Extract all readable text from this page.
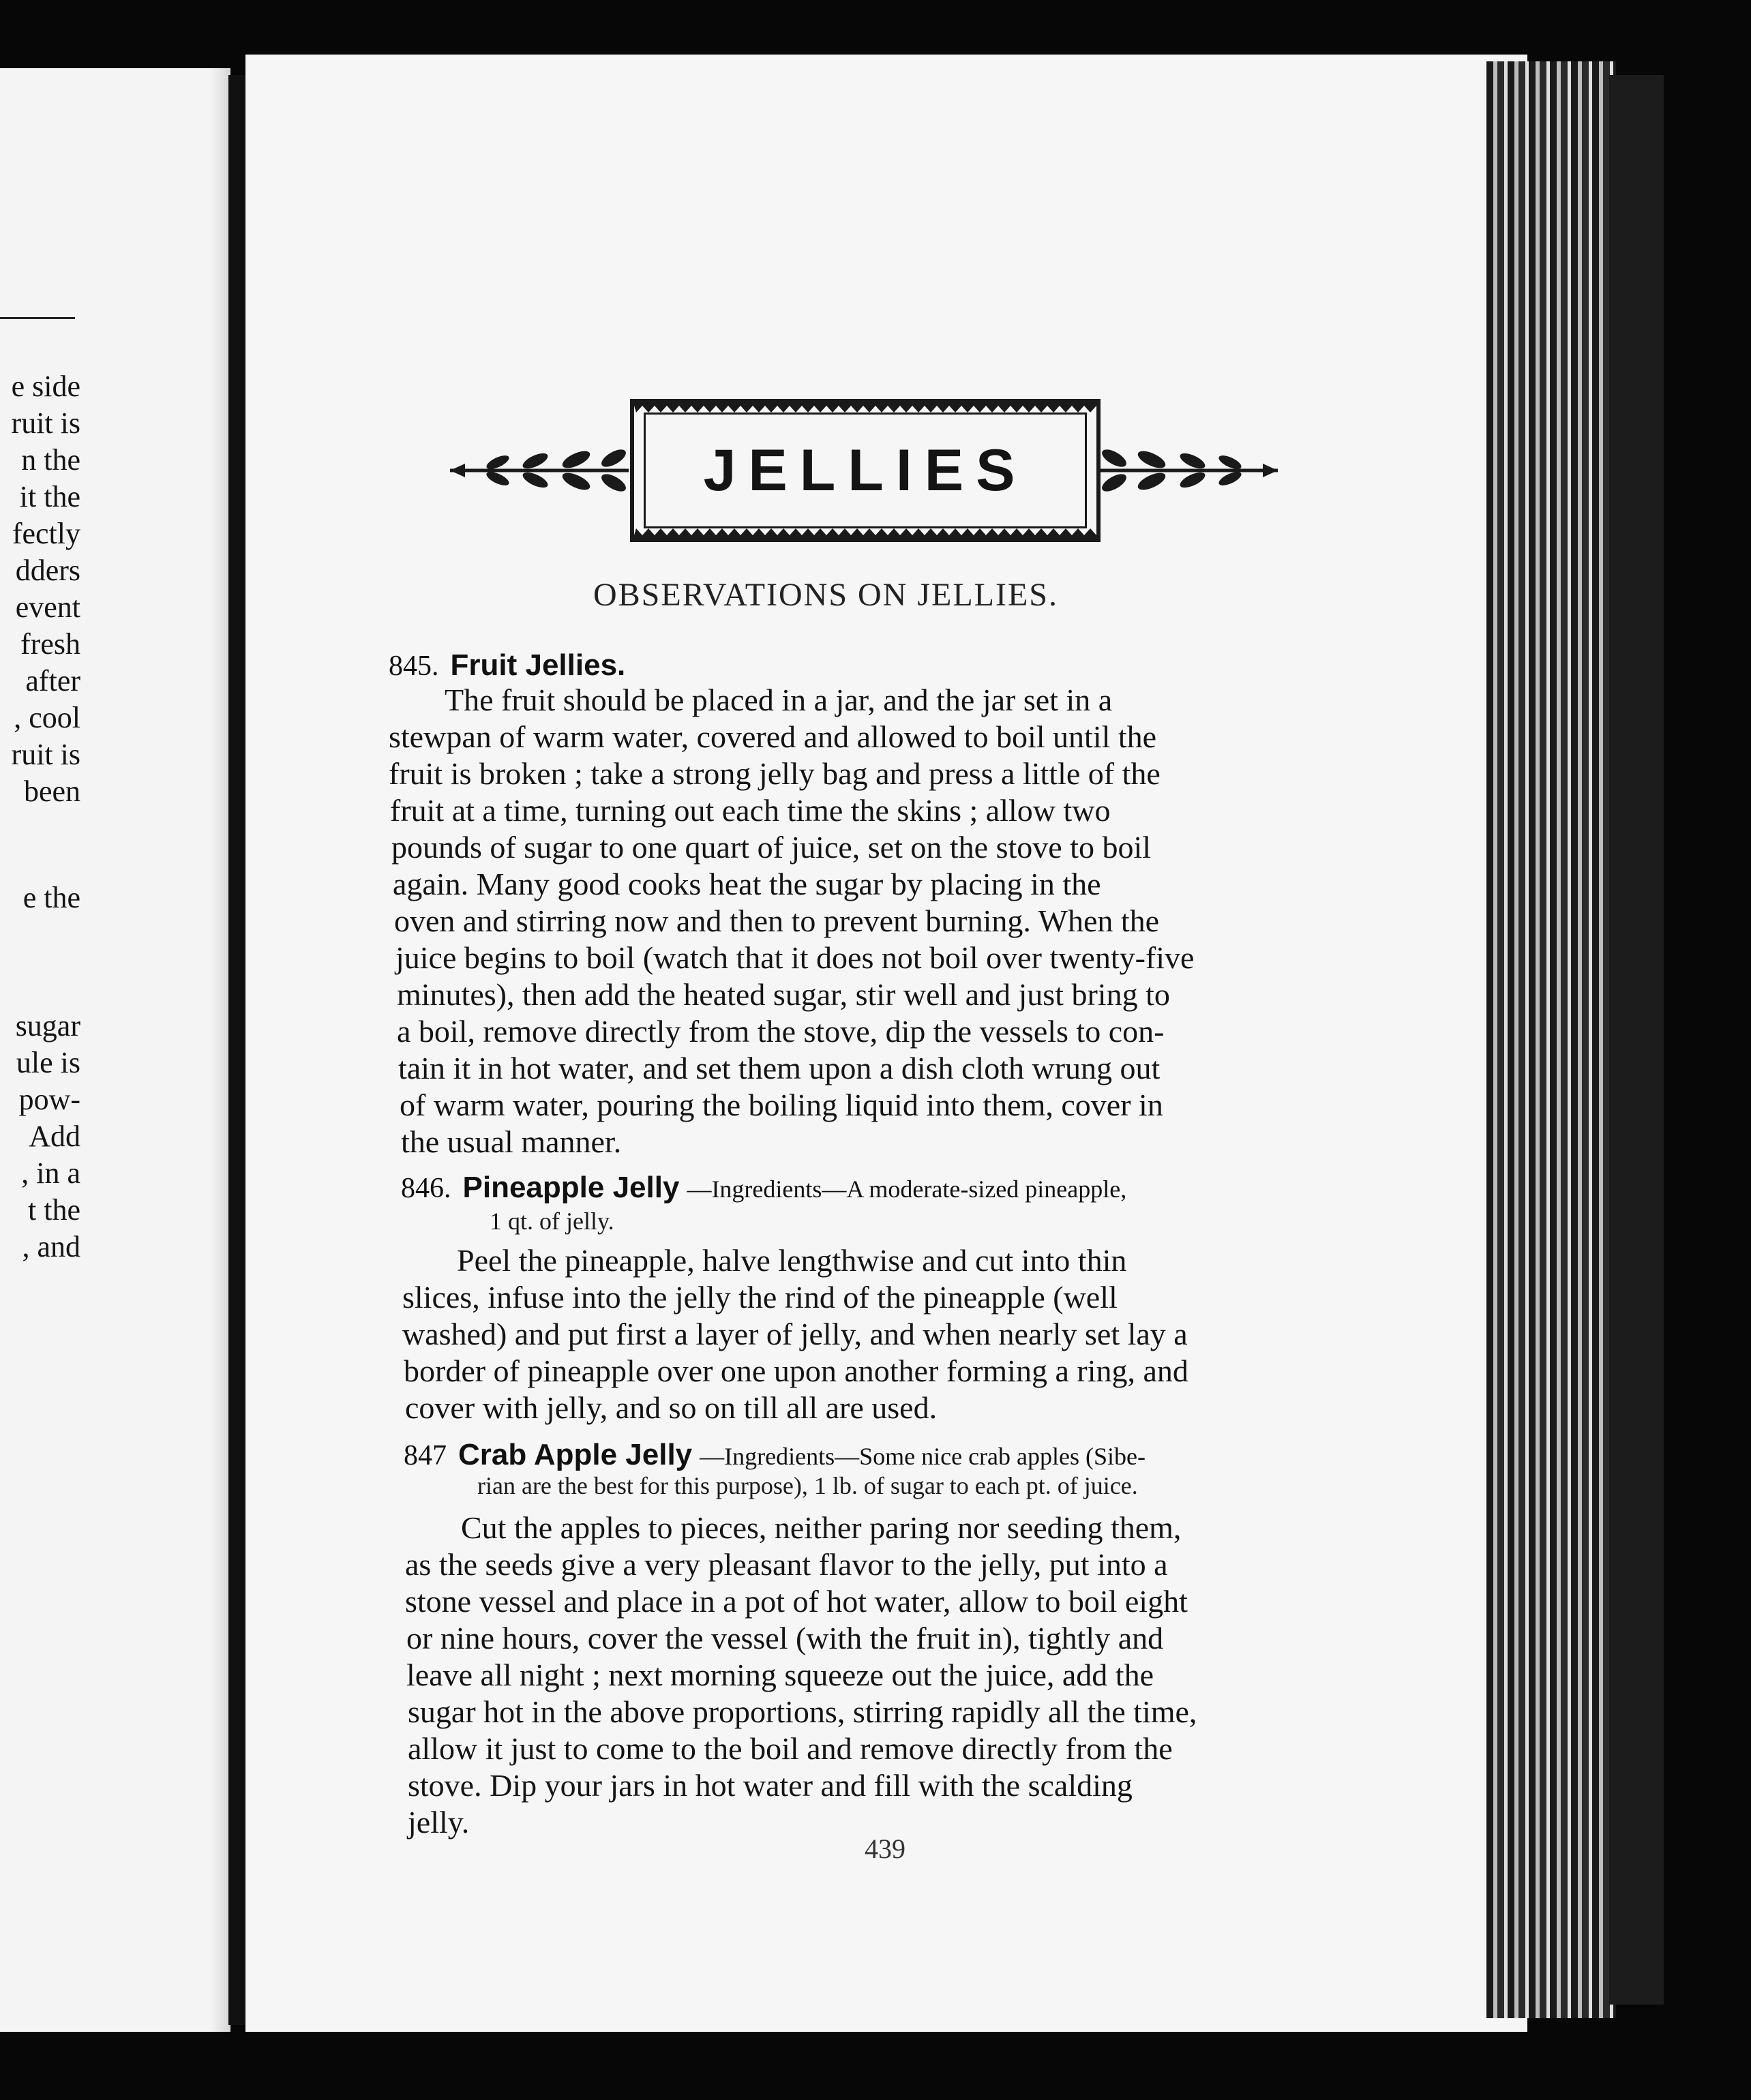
e side
ruit is
n the
it the
fectly
dders
event
fresh
after
, cool
ruit is
been
e the
sugar
ule is
pow-
Add
, in a
t the
, and
JELLIES
OBSERVATIONS ON JELLIES.
845. Fruit Jellies.
The fruit should be placed in a jar, and the jar set in a
stewpan of warm water, covered and allowed to boil until the
fruit is broken ; take a strong jelly bag and press a little of the
fruit at a time, turning out each time the skins ; allow two
pounds of sugar to one quart of juice, set on the stove to boil
again. Many good cooks heat the sugar by placing in the
oven and stirring now and then to prevent burning. When the
juice begins to boil (watch that it does not boil over twenty-five
minutes), then add the heated sugar, stir well and just bring to
a boil, remove directly from the stove, dip the vessels to con-
tain it in hot water, and set them upon a dish cloth wrung out
of warm water, pouring the boiling liquid into them, cover in
the usual manner.
846. Pineapple Jelly —Ingredients—A moderate-sized pineapple,
1 qt. of jelly.
Peel the pineapple, halve lengthwise and cut into thin
slices, infuse into the jelly the rind of the pineapple (well
washed) and put first a layer of jelly, and when nearly set lay a
border of pineapple over one upon another forming a ring, and
cover with jelly, and so on till all are used.
847 Crab Apple Jelly —Ingredients—Some nice crab apples (Sibe-
rian are the best for this purpose), 1 lb. of sugar to each pt. of juice.
Cut the apples to pieces, neither paring nor seeding them,
as the seeds give a very pleasant flavor to the jelly, put into a
stone vessel and place in a pot of hot water, allow to boil eight
or nine hours, cover the vessel (with the fruit in), tightly and
leave all night ; next morning squeeze out the juice, add the
sugar hot in the above proportions, stirring rapidly all the time,
allow it just to come to the boil and remove directly from the
stove. Dip your jars in hot water and fill with the scalding
jelly.
439
